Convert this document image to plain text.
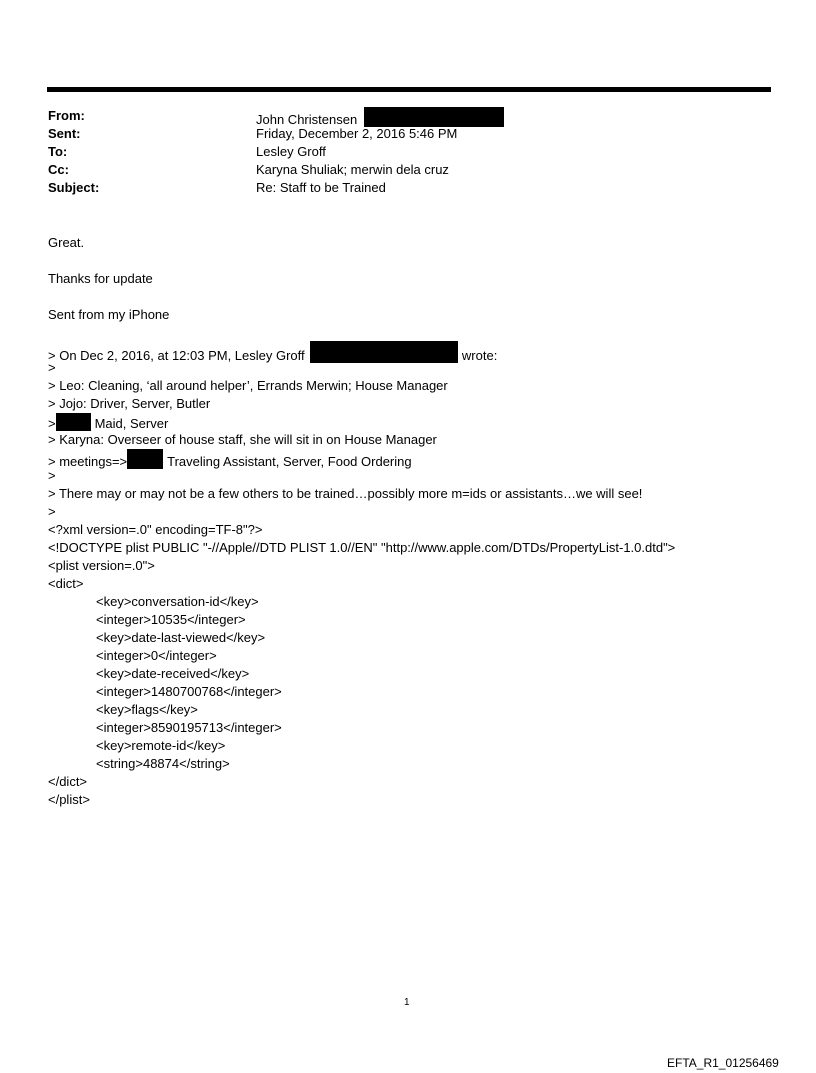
From:	John Christensen
Sent:	Friday, December 2, 2016 5:46 PM
To:	Lesley Groff
Cc:	Karyna Shuliak; merwin dela cruz
Subject:	Re: Staff to be Trained
Great.
Thanks for update
Sent from my iPhone
> On Dec 2, 2016, at 12:03 PM, Lesley Groff	wrote:
>
> Leo: Cleaning, ‘all around helper’, Errands Merwin; House Manager
> Jojo: Driver, Server, Butler
>	Maid, Server
> Karyna: Overseer of house staff, she will sit in on House Manager
> meetings=>	Traveling Assistant, Server, Food Ordering
>
> There may or may not be a few others to be trained…possibly more m=ids or assistants…we will see!
>
<?xml version=.0" encoding=TF-8"?>
<!DOCTYPE plist PUBLIC "-//Apple//DTD PLIST 1.0//EN" "http://www.apple.com/DTDs/PropertyList-1.0.dtd">
<plist version=.0">
<dict>
<key>conversation-id</key>
<integer>10535</integer>
<key>date-last-viewed</key>
<integer>0</integer>
<key>date-received</key>
<integer>1480700768</integer>
<key>flags</key>
<integer>8590195713</integer>
<key>remote-id</key>
<string>48874</string>
</dict>
</plist>
1
EFTA_R1_01256469
